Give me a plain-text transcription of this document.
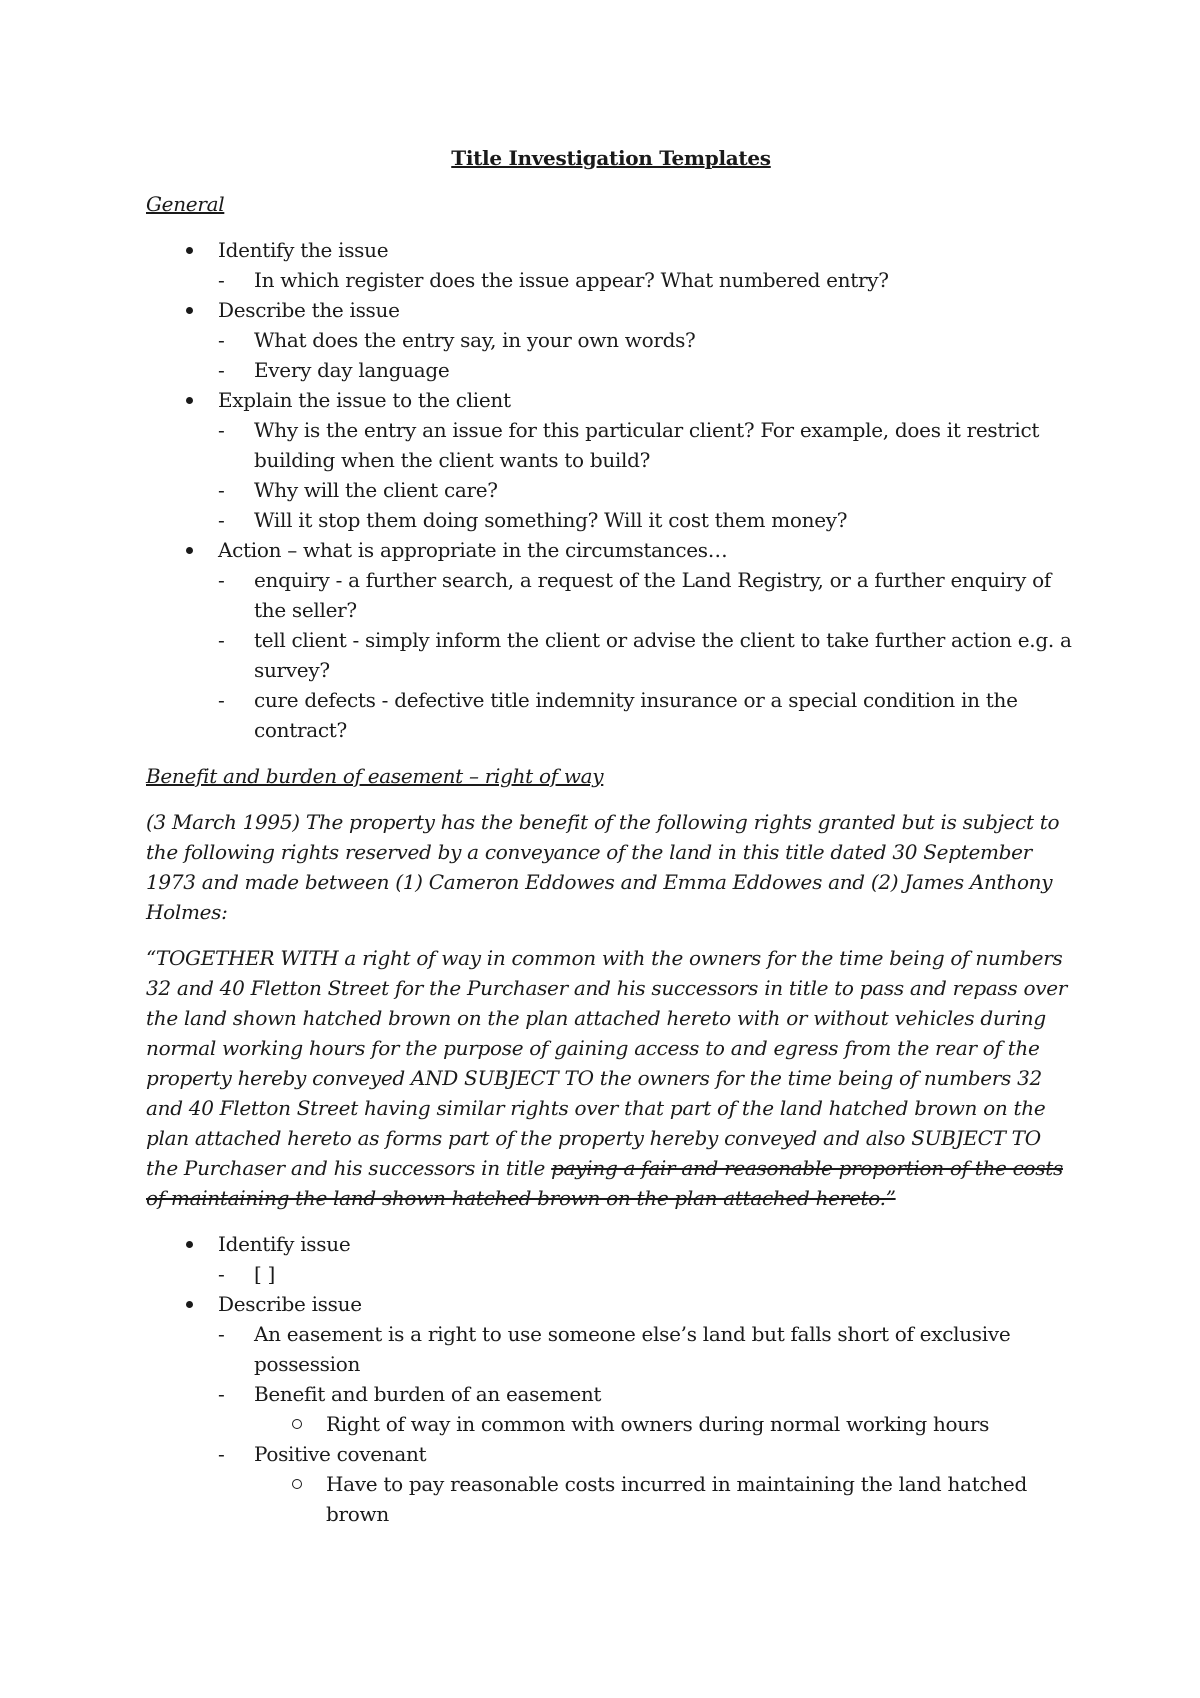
Title Investigation Templates
General
Identify the issue
- In which register does the issue appear? What numbered entry?
Describe the issue
- What does the entry say, in your own words?
- Every day language
Explain the issue to the client
- Why is the entry an issue for this particular client? For example, does it restrict building when the client wants to build?
- Why will the client care?
- Will it stop them doing something? Will it cost them money?
Action – what is appropriate in the circumstances…
- enquiry - a further search, a request of the Land Registry, or a further enquiry of the seller?
- tell client - simply inform the client or advise the client to take further action e.g. a survey?
- cure defects - defective title indemnity insurance or a special condition in the contract?
Benefit and burden of easement – right of way

(3 March 1995) The property has the benefit of the following rights granted but is subject to the following rights reserved by a conveyance of the land in this title dated 30 September 1973 and made between (1) Cameron Eddowes and Emma Eddowes and (2) James Anthony Holmes:

“TOGETHER WITH a right of way in common with the owners for the time being of numbers 32 and 40 Fletton Street for the Purchaser and his successors in title to pass and repass over the land shown hatched brown on the plan attached hereto with or without vehicles during normal working hours for the purpose of gaining access to and egress from the rear of the property hereby conveyed AND SUBJECT TO the owners for the time being of numbers 32 and 40 Fletton Street having similar rights over that part of the land hatched brown on the plan attached hereto as forms part of the property hereby conveyed and also SUBJECT TO the Purchaser and his successors in title paying a fair and reasonable proportion of the costs of maintaining the land shown hatched brown on the plan attached hereto.”

Identify issue
- [ ]
Describe issue
- An easement is a right to use someone else’s land but falls short of exclusive possession
- Benefit and burden of an easement
Right of way in common with owners during normal working hours
- Positive covenant
Have to pay reasonable costs incurred in maintaining the land hatched brown
